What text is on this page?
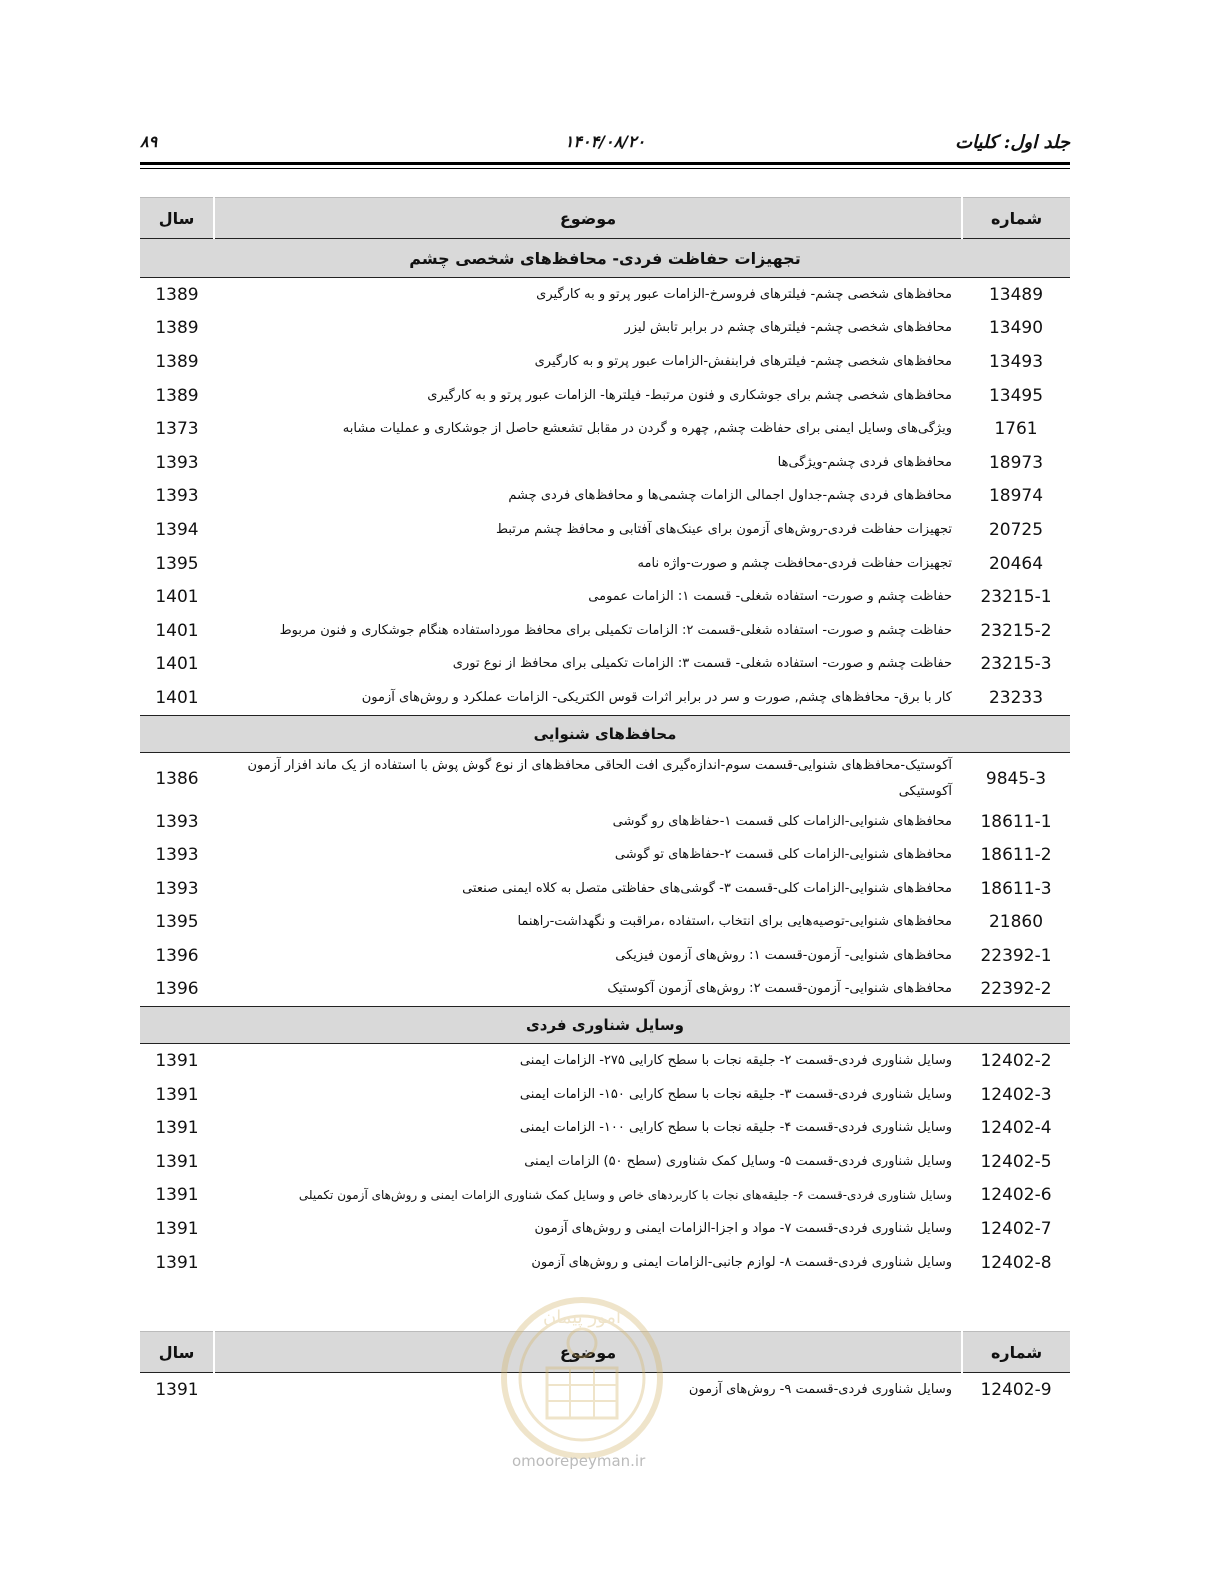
جلد اول: کلیات
۱۴۰۴/۰۸/۲۰
۸۹
شماره	موضوع	سال
تجهیزات حفاظت فردی- محافظ‌های شخصی چشم		
13489	محافظ‌های شخصی چشم- فیلترهای فروسرخ-الزامات عبور پرتو و به کارگیری	1389
13490	محافظ‌های شخصی چشم- فیلترهای چشم در برابر تابش لیزر	1389
13493	محافظ‌های شخصی چشم- فیلترهای فرابنفش-الزامات عبور پرتو و به کارگیری	1389
13495	محافظ‌های شخصی چشم برای جوشکاری و فنون مرتبط- فیلترها- الزامات عبور پرتو و به کارگیری	1389
1761	ویژگی‌های وسایل ایمنی برای حفاظت چشم, چهره و گردن در مقابل تشعشع حاصل از جوشکاری و عملیات مشابه	1373
18973	محافظ‌های فردی چشم-ویژگی‌ها	1393
18974	محافظ‌های فردی چشم-جداول اجمالی الزامات چشمی‌ها و محافظ‌های فردی چشم	1393
20725	تجهیزات حفاظت فردی-روش‌های آزمون برای عینک‌های آفتابی و محافظ چشم مرتبط	1394
20464	تجهیزات حفاظت فردی-محافظت چشم و صورت-واژه نامه	1395
23215-1	حفاظت چشم و صورت- استفاده شغلی- قسمت ۱: الزامات عمومی	1401
23215-2	حفاظت چشم و صورت- استفاده شغلی-قسمت ۲: الزامات تکمیلی برای محافظ مورداستفاده هنگام جوشکاری و فنون مربوط	1401
23215-3	حفاظت چشم و صورت- استفاده شغلی- قسمت ۳: الزامات تکمیلی برای محافظ از نوع توری	1401
23233	کار با برق- محافظ‌های چشم, صورت و سر در برابر اثرات قوس الکتریکی- الزامات عملکرد و روش‌های آزمون	1401
محافظ‌های شنوایی		
9845-3	آکوستیک-محافظ‌های شنوایی-قسمت سوم-اندازه‌گیری افت الحاقی محافظ‌های از نوع گوش پوش با استفاده از یک ماند افزار آزمون آکوستیکی	1386
18611-1	محافظ‌های شنوایی-الزامات کلی قسمت ۱-حفاظ‌های رو گوشی	1393
18611-2	محافظ‌های شنوایی-الزامات کلی قسمت ۲-حفاظ‌های تو گوشی	1393
18611-3	محافظ‌های شنوایی-الزامات کلی-قسمت ۳- گوشی‌های حفاظتی متصل به کلاه ایمنی صنعتی	1393
21860	محافظ‌های شنوایی-توصیه‌هایی برای انتخاب ،استفاده ،مراقبت و نگهداشت-راهنما	1395
22392-1	محافظ‌های شنوایی- آزمون-قسمت ۱: روش‌های آزمون فیزیکی	1396
22392-2	محافظ‌های شنوایی- آزمون-قسمت ۲: روش‌های آزمون آکوستیک	1396
وسایل شناوری فردی		
12402-2	وسایل شناوری فردی-قسمت ۲- جلیقه نجات با سطح کارایی ۲۷۵- الزامات ایمنی	1391
12402-3	وسایل شناوری فردی-قسمت ۳- جلیقه نجات با سطح کارایی ۱۵۰- الزامات ایمنی	1391
12402-4	وسایل شناوری فردی-قسمت ۴- جلیقه نجات با سطح کارایی ۱۰۰- الزامات ایمنی	1391
12402-5	وسایل شناوری فردی-قسمت ۵- وسایل کمک شناوری (سطح ۵۰) الزامات ایمنی	1391
12402-6	وسایل شناوری فردی-قسمت ۶- جلیقه‌های نجات با کاربردهای خاص و وسایل کمک شناوری الزامات ایمنی و روش‌های آزمون تکمیلی	1391
12402-7	وسایل شناوری فردی-قسمت ۷- مواد و اجزا-الزامات ایمنی و روش‌های آزمون	1391
12402-8	وسایل شناوری فردی-قسمت ۸- لوازم جانبی-الزامات ایمنی و روش‌های آزمون	1391
شماره	موضوع	سال
12402-9	وسایل شناوری فردی-قسمت ۹- روش‌های آزمون	1391
امور پیمان
omoorepeyman.ir
